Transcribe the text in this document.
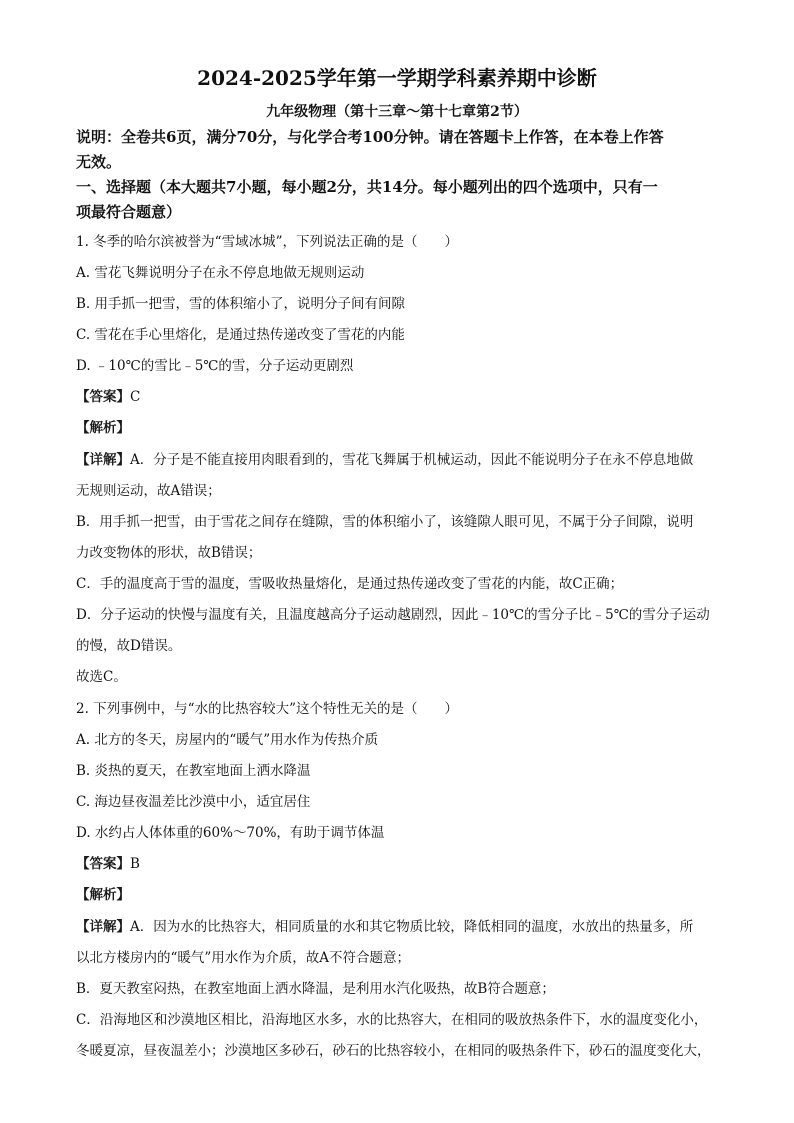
2024-2025学年第一学期学科素养期中诊断
九年级物理（第十三章～第十七章第2节）
说明：全卷共6页，满分70分，与化学合考100分钟。请在答题卡上作答，在本卷上作答
无效。
一、选择题（本大题共7小题，每小题2分，共14分。每小题列出的四个选项中，只有一
项最符合题意）
1. 冬季的哈尔滨被誉为“雪域冰城”，下列说法正确的是（　　）
A. 雪花飞舞说明分子在永不停息地做无规则运动
B. 用手抓一把雪，雪的体积缩小了，说明分子间有间隙
C. 雪花在手心里熔化，是通过热传递改变了雪花的内能
D. ﹣10℃的雪比﹣5℃的雪，分子运动更剧烈
【答案】C
【解析】
【详解】A．分子是不能直接用肉眼看到的，雪花飞舞属于机械运动，因此不能说明分子在永不停息地做
无规则运动，故A错误；
B．用手抓一把雪，由于雪花之间存在缝隙，雪的体积缩小了，该缝隙人眼可见，不属于分子间隙，说明
力改变物体的形状，故B错误；
C．手的温度高于雪的温度，雪吸收热量熔化，是通过热传递改变了雪花的内能，故C正确；
D．分子运动的快慢与温度有关，且温度越高分子运动越剧烈，因此﹣10℃的雪分子比﹣5℃的雪分子运动
的慢，故D错误。
故选C。
2. 下列事例中，与“水的比热容较大”这个特性无关的是（　　）
A. 北方的冬天，房屋内的“暖气”用水作为传热介质
B. 炎热的夏天，在教室地面上洒水降温
C. 海边昼夜温差比沙漠中小，适宜居住
D. 水约占人体体重的60%～70%，有助于调节体温
【答案】B
【解析】
【详解】A．因为水的比热容大，相同质量的水和其它物质比较，降低相同的温度，水放出的热量多，所
以北方楼房内的“暖气”用水作为介质，故A不符合题意；
B．夏天教室闷热，在教室地面上洒水降温，是利用水汽化吸热，故B符合题意；
C．沿海地区和沙漠地区相比，沿海地区水多，水的比热容大，在相同的吸放热条件下，水的温度变化小，
冬暖夏凉，昼夜温差小；沙漠地区多砂石，砂石的比热容较小，在相同的吸热条件下，砂石的温度变化大，
